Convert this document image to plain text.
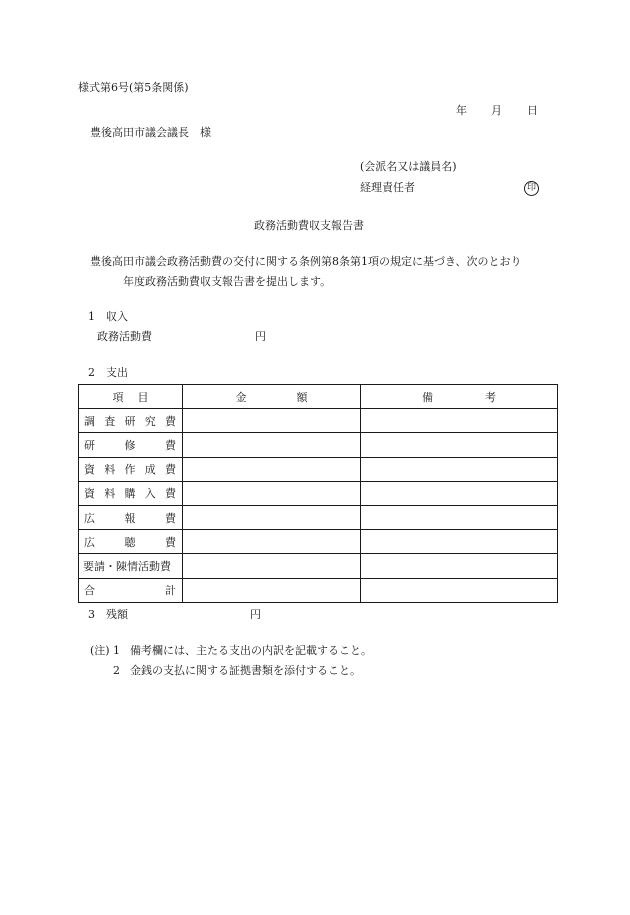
様式第6号(第5条関係)
年 月 日
豊後高田市議会議長　様
(会派名又は議員名)
経理責任者	印
政務活動費収支報告書
豊後高田市議会政務活動費の交付に関する条例第8条第1項の規定に基づき、次のとおり
年度政務活動費収支報告書を提出します。
1　収入
政務活動費	円
2　支出
項目	金額	備考

調 査 研 究 費		

研 修 費		

資 料 作 成 費		

資 料 購 入 費		

広 報 費		

広 聴 費		

要請・陳情活動費		

合 計		

3　残額	円
(注) 1 備考欄には、主たる支出の内訳を記載すること。
2 金銭の支払に関する証拠書類を添付すること。
